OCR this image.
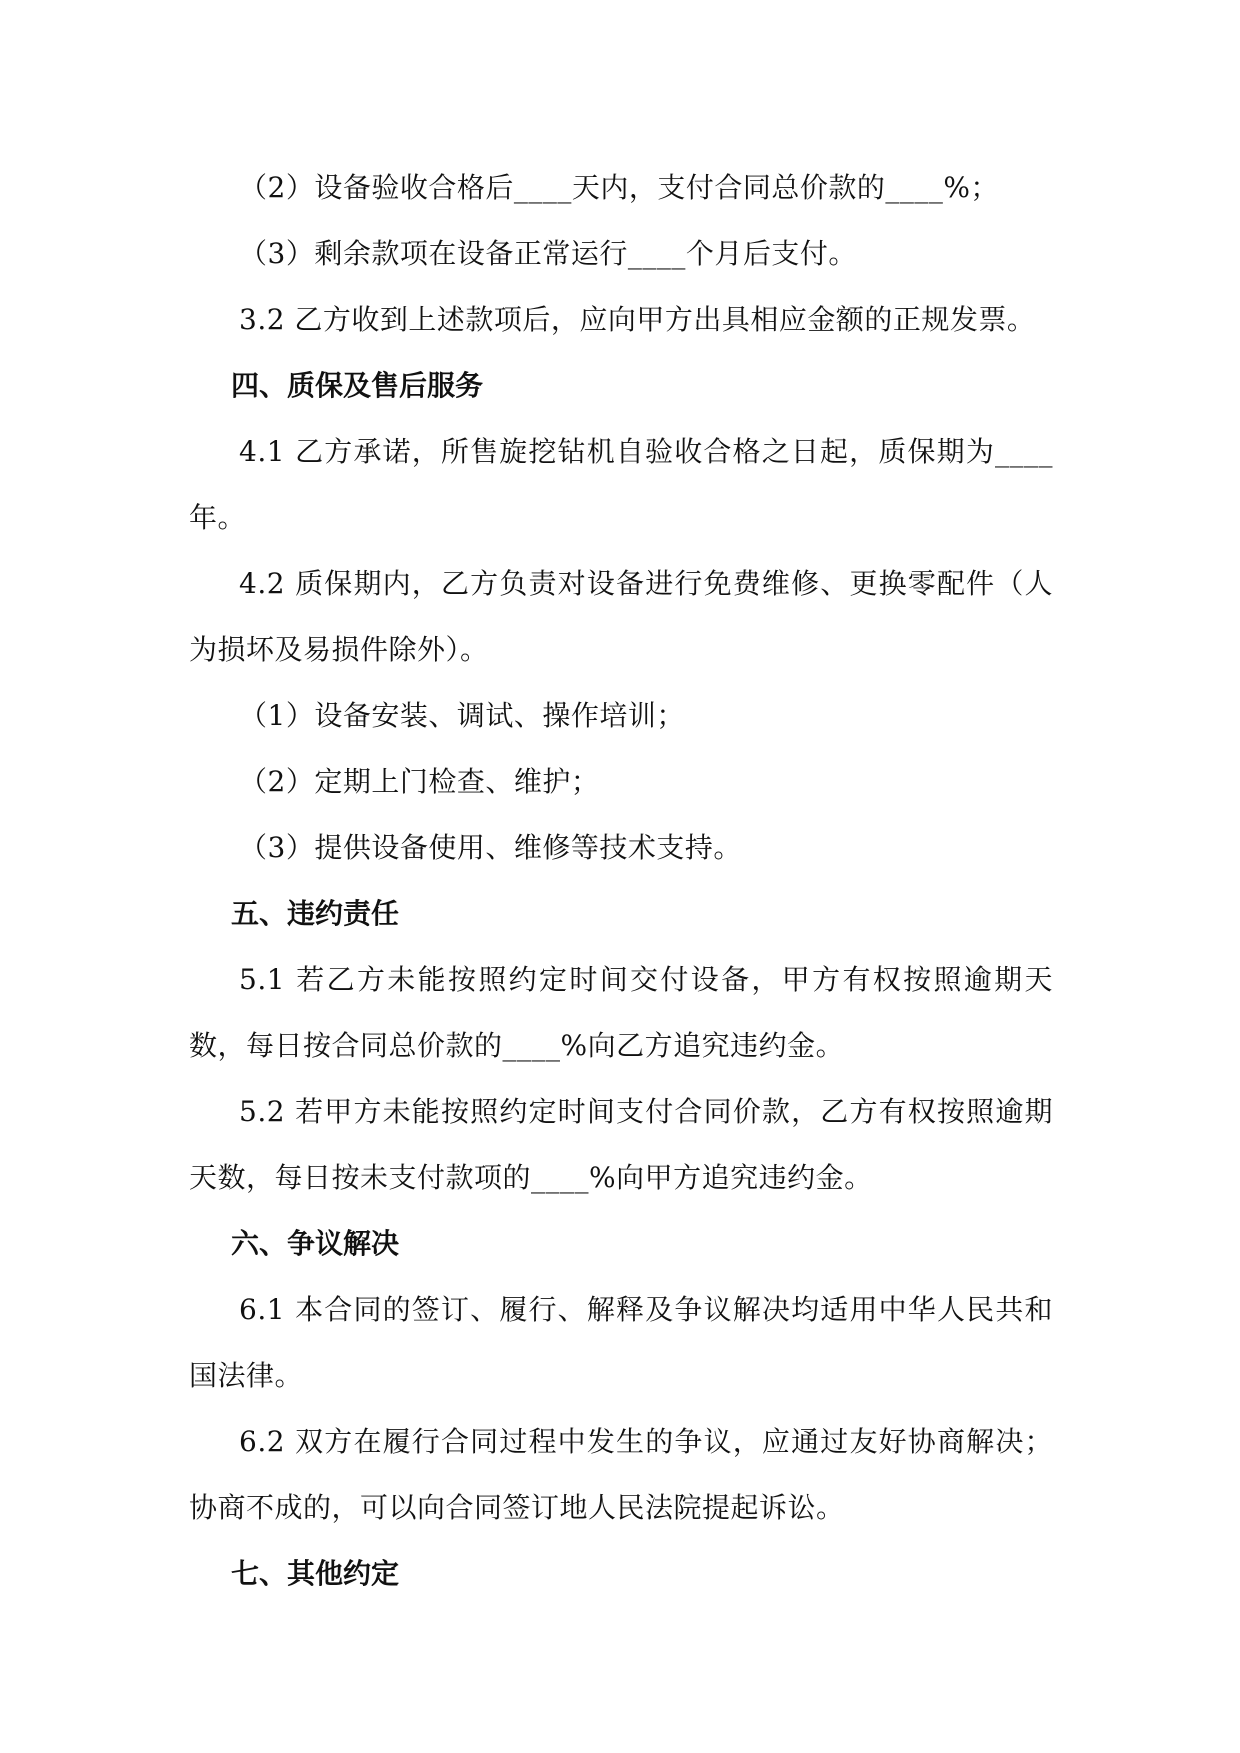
（2）设备验收合格后____天内，支付合同总价款的____%；
（3）剩余款项在设备正常运行____个月后支付。
3.2 乙方收到上述款项后，应向甲方出具相应金额的正规发票。
四、质保及售后服务
4.1 乙方承诺，所售旋挖钻机自验收合格之日起，质保期为____
年。
4.2 质保期内，乙方负责对设备进行免费维修、更换零配件（人
为损坏及易损件除外）。
（1）设备安装、调试、操作培训；
（2）定期上门检查、维护；
（3）提供设备使用、维修等技术支持。
五、违约责任
5.1 若乙方未能按照约定时间交付设备，甲方有权按照逾期天
数，每日按合同总价款的____%向乙方追究违约金。
5.2 若甲方未能按照约定时间支付合同价款，乙方有权按照逾期
天数，每日按未支付款项的____%向甲方追究违约金。
六、争议解决
6.1 本合同的签订、履行、解释及争议解决均适用中华人民共和
国法律。
6.2 双方在履行合同过程中发生的争议，应通过友好协商解决；
协商不成的，可以向合同签订地人民法院提起诉讼。
七、其他约定
